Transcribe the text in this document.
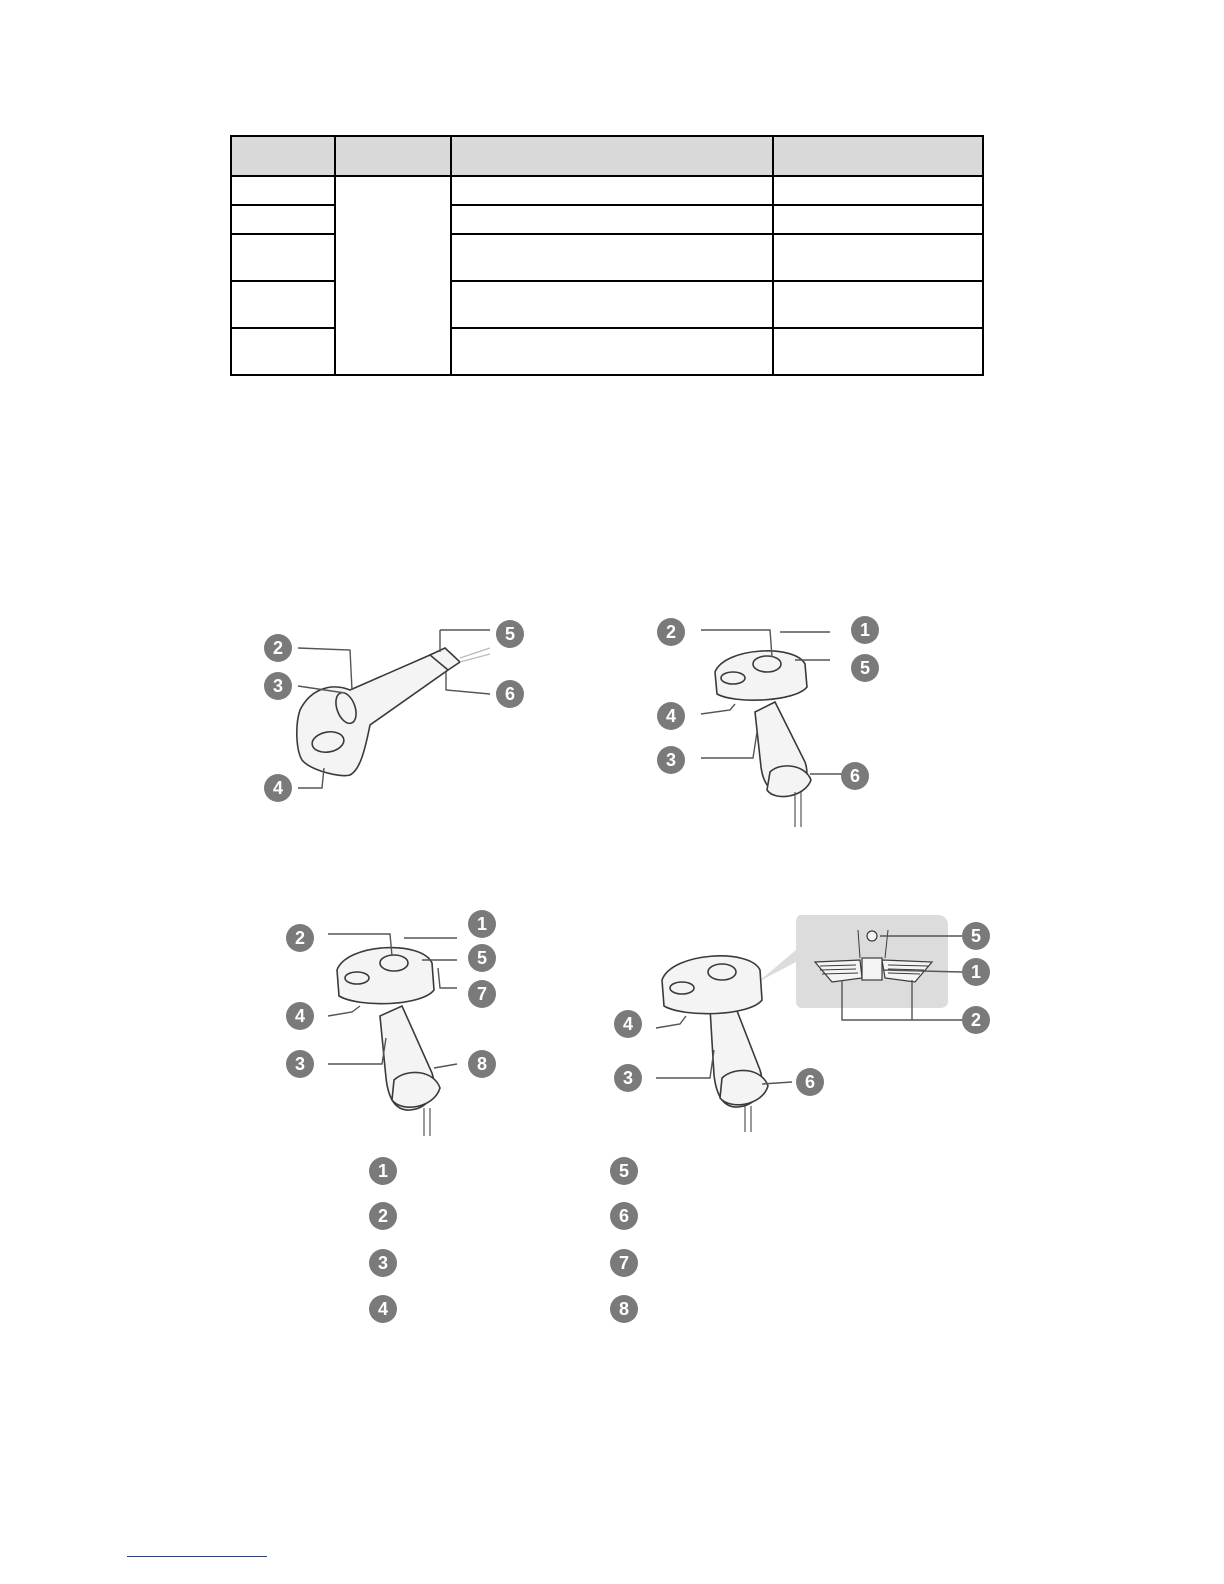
2
3
4
5
6
2	1
5
4
3
6
2
1
5
7
4
3	8
5
1
2
4
3	6
1
2
3
4
5
6
7
8
